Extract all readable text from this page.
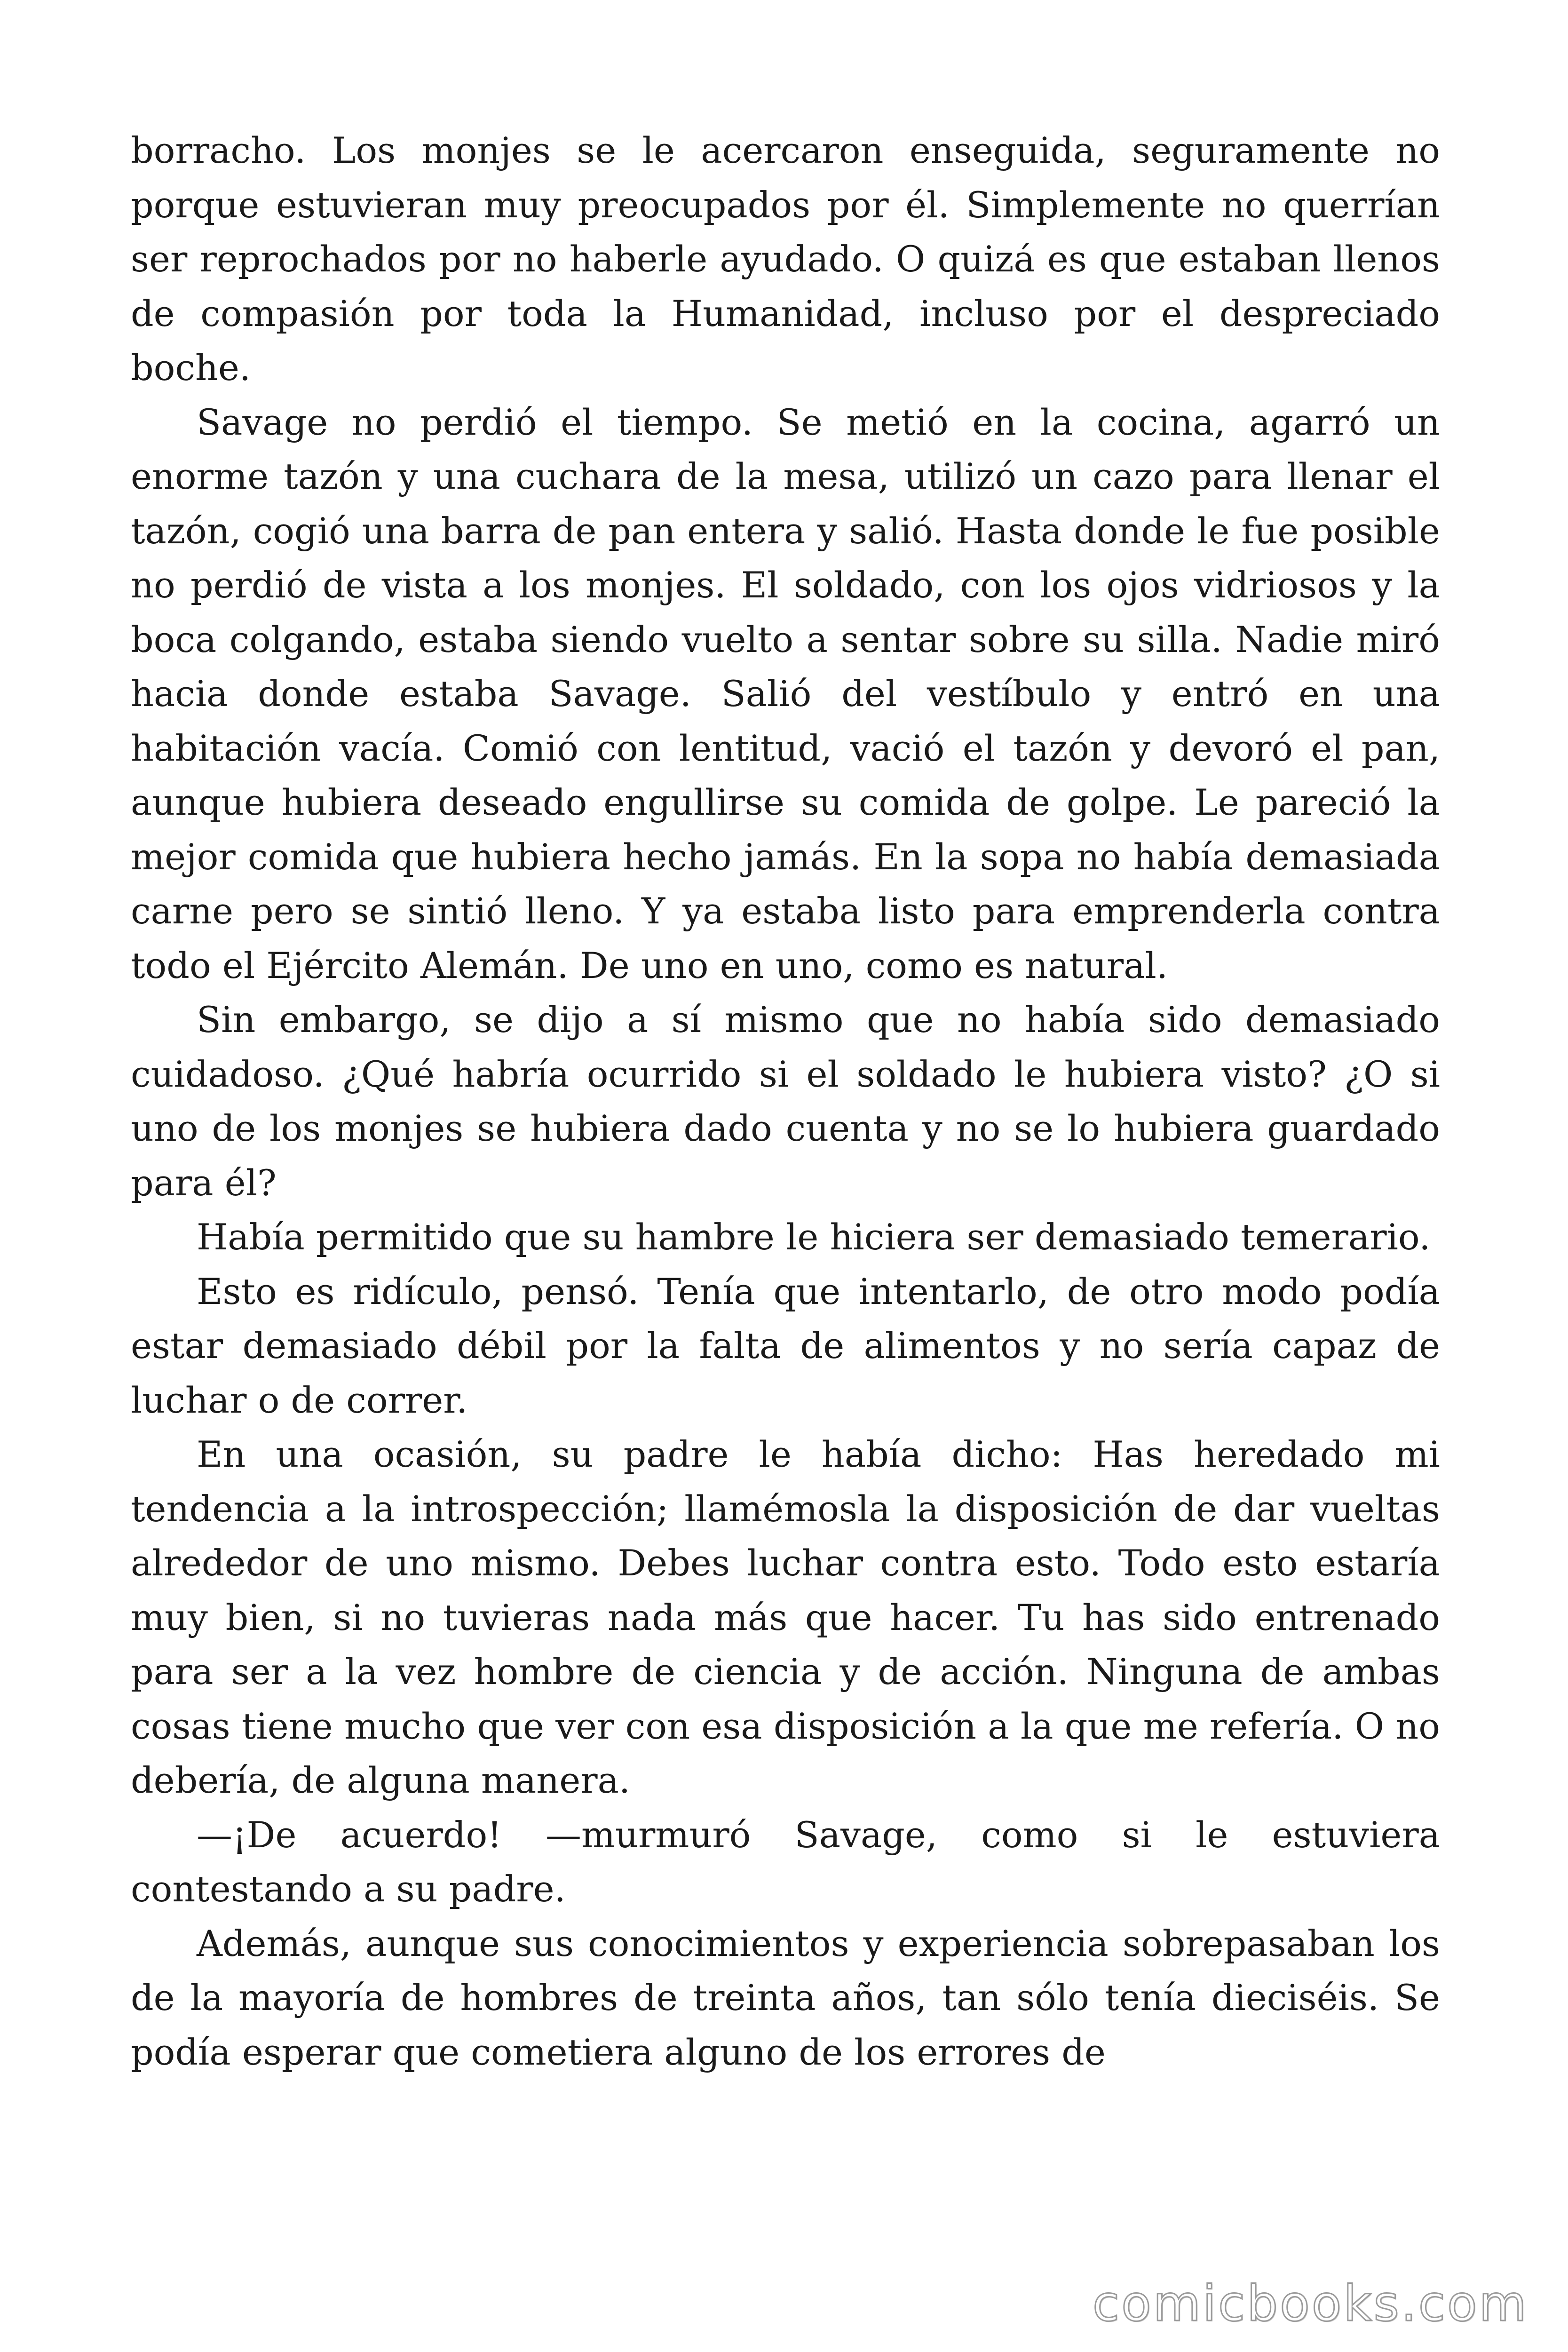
borracho. Los monjes se le acercaron enseguida, seguramente no porque estuvieran muy preocupados por él. Simplemente no querrían ser reprochados por no haberle ayudado. O quizá es que estaban llenos de compasión por toda la Humanidad, incluso por el despreciado boche.

Savage no perdió el tiempo. Se metió en la cocina, agarró un enorme tazón y una cuchara de la mesa, utilizó un cazo para llenar el tazón, cogió una barra de pan entera y salió. Hasta donde le fue posible no perdió de vista a los monjes. El soldado, con los ojos vidriosos y la boca colgando, estaba siendo vuelto a sentar sobre su silla. Nadie miró hacia donde estaba Savage. Salió del vestíbulo y entró en una habitación vacía. Comió con lentitud, vació el tazón y devoró el pan, aunque hubiera deseado engullirse su comida de golpe. Le pareció la mejor comida que hubiera hecho jamás. En la sopa no había demasiada carne pero se sintió lleno. Y ya estaba listo para emprenderla contra todo el Ejército Alemán. De uno en uno, como es natural.

Sin embargo, se dijo a sí mismo que no había sido demasiado cuidadoso. ¿Qué habría ocurrido si el soldado le hubiera visto? ¿O si uno de los monjes se hubiera dado cuenta y no se lo hubiera guardado para él?

Había permitido que su hambre le hiciera ser demasiado temerario.

Esto es ridículo, pensó. Tenía que intentarlo, de otro modo podía estar demasiado débil por la falta de alimentos y no sería capaz de luchar o de correr.

En una ocasión, su padre le había dicho: Has heredado mi tendencia a la introspección; llamémosla la disposición de dar vueltas alrededor de uno mismo. Debes luchar contra esto. Todo esto estaría muy bien, si no tuvieras nada más que hacer. Tu has sido entrenado para ser a la vez hombre de ciencia y de acción. Ninguna de ambas cosas tiene mucho que ver con esa disposición a la que me refería. O no debería, de alguna manera.

—¡De acuerdo! —murmuró Savage, como si le estuviera contestando a su padre.

Además, aunque sus conocimientos y experiencia sobrepasaban los de la mayoría de hombres de treinta años, tan sólo tenía dieciséis. Se podía esperar que cometiera alguno de los errores de

comicbooks.com
